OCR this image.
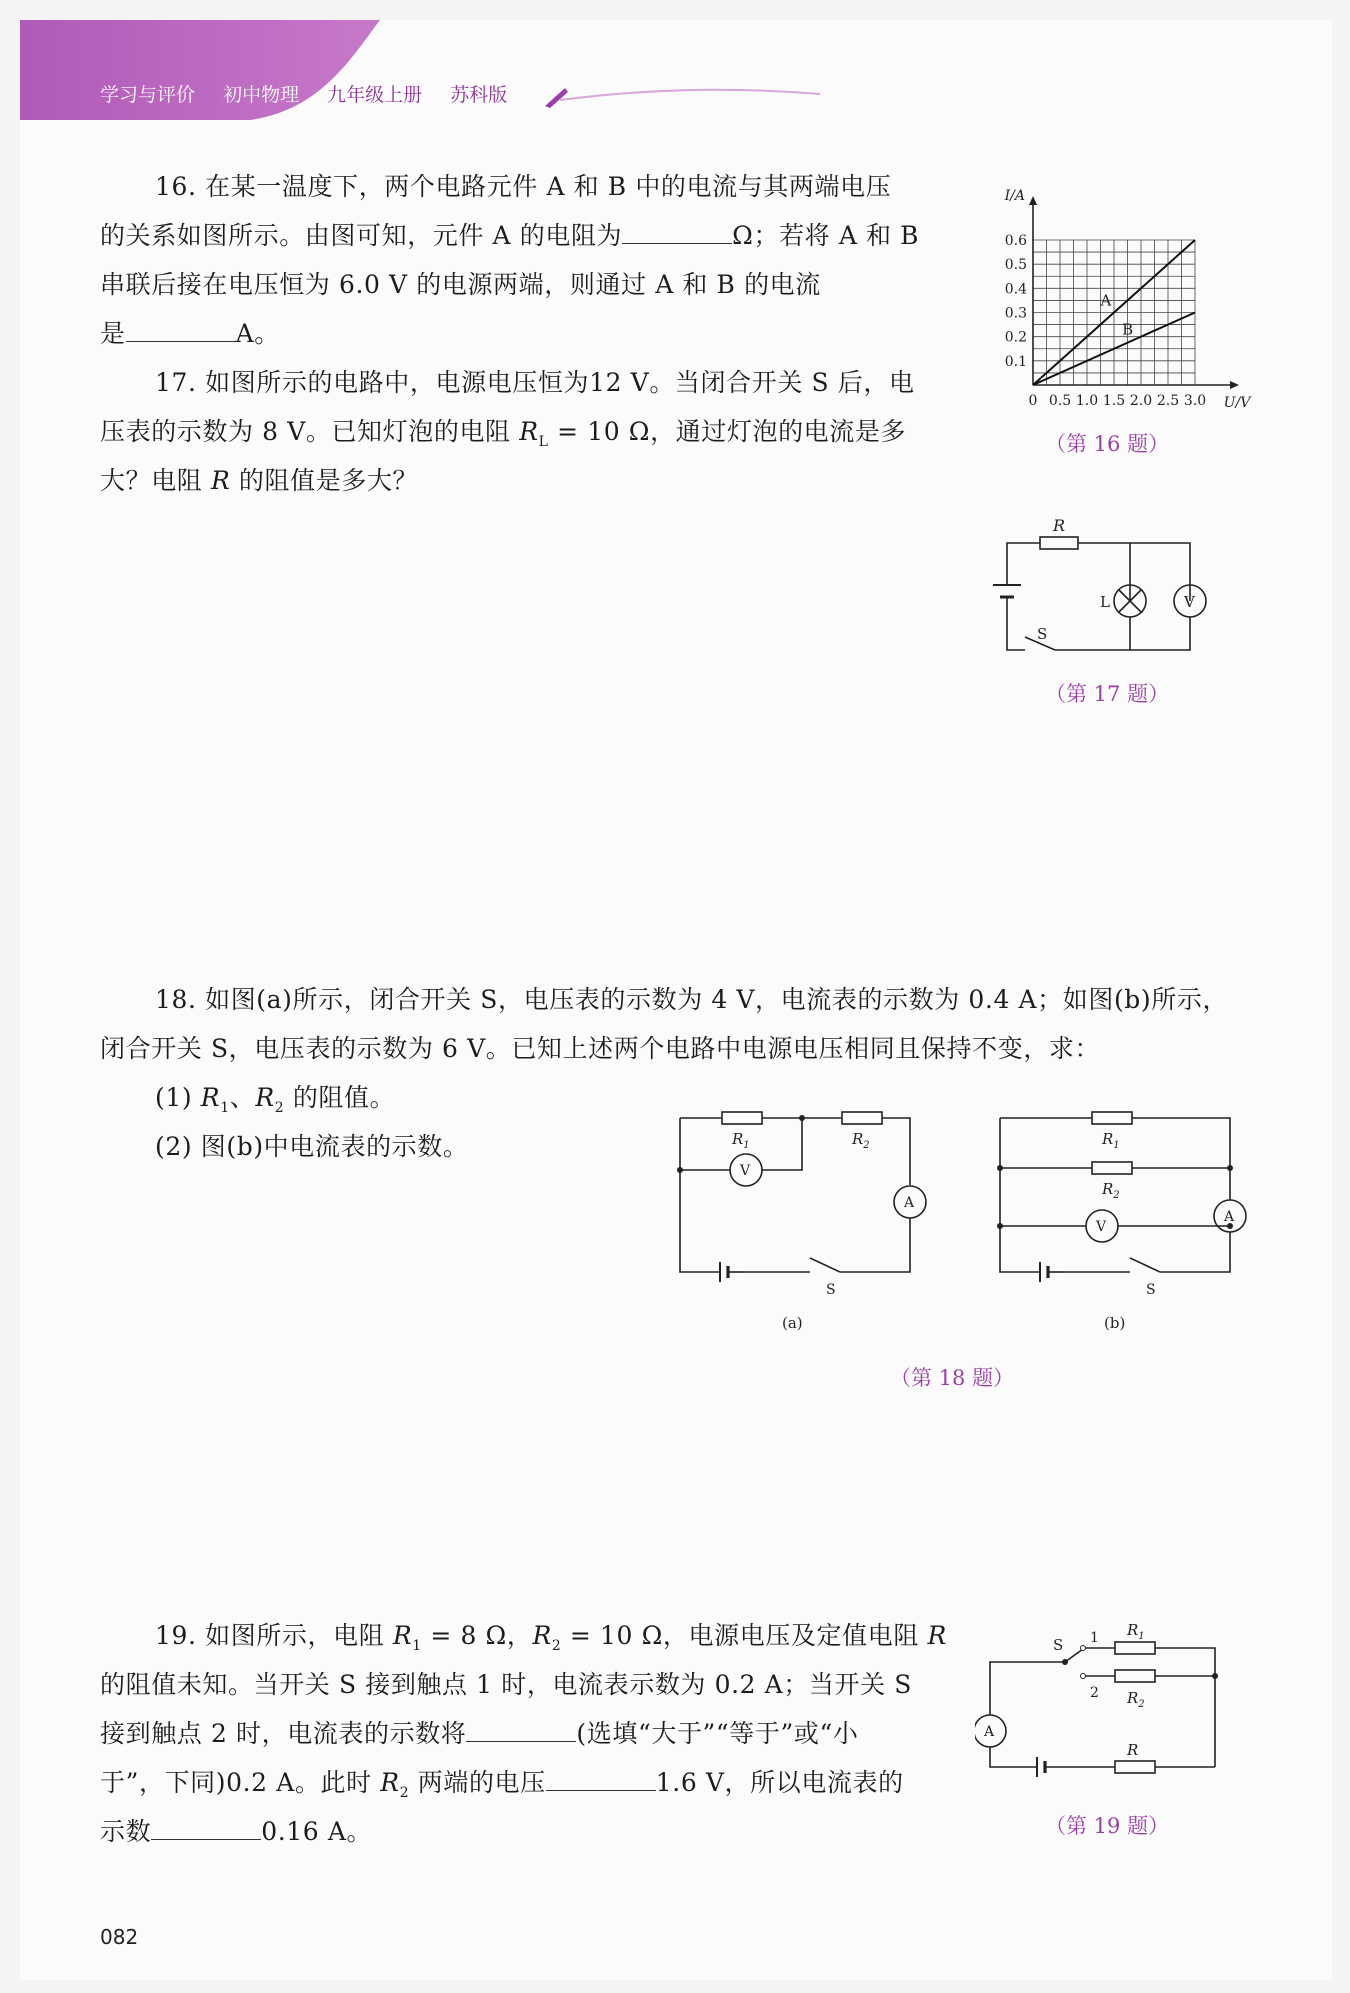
学习与评价 初中物理 九年级上册 苏科版
16. 在某一温度下，两个电路元件 A 和 B 中的电流与其两端电压
的关系如图所示。由图可知，元件 A 的电阻为	Ω；若将 A 和 B
串联后接在电压恒为 6.0 V 的电源两端，则通过 A 和 B 的电流
是	A。
0 0.5 1.0 1.5 2.0 2.5 3.0
0.1
0.2
0.3
0.4
0.5
0.6
U/V
I/A
A
B
（第 16 题）
17. 如图所示的电路中，电源电压恒为12 V。当闭合开关 S 后，电
压表的示数为 8 V。已知灯泡的电阻 $R_L = 10$ Ω，通过灯泡的电流是多
大？电阻 R 的阻值是多大？
R
L	V
S
（第 17 题）
18. 如图(a)所示，闭合开关 S，电压表的示数为 4 V，电流表的示数为 0.4 A；如图(b)所示，
闭合开关 S，电压表的示数为 6 V。已知上述两个电路中电源电压相同且保持不变，求：
(1) $R_1$、$R_2$ 的阻值。
(2) 图(b)中电流表的示数。	$R_1$	$R_2$
V
A
S
(a)
$R_1$
$R_2$
V
A
S
(b)
（第 18 题）
19. 如图所示，电阻 $R_1 = 8$ Ω，$R_2 = 10$ Ω，电源电压及定值电阻 R
的阻值未知。当开关 S 接到触点 1 时，电流表示数为 0.2 A；当开关 S
接到触点 2 时，电流表的示数将	(选填“大于”“等于”或“小
于”，下同)0.2 A。此时 $R_2$ 两端的电压	1.6 V，所以电流表的
示数	0.16 A。
S 1
2
$R_1$
$R_2$
R
A
（第 19 题）
082
